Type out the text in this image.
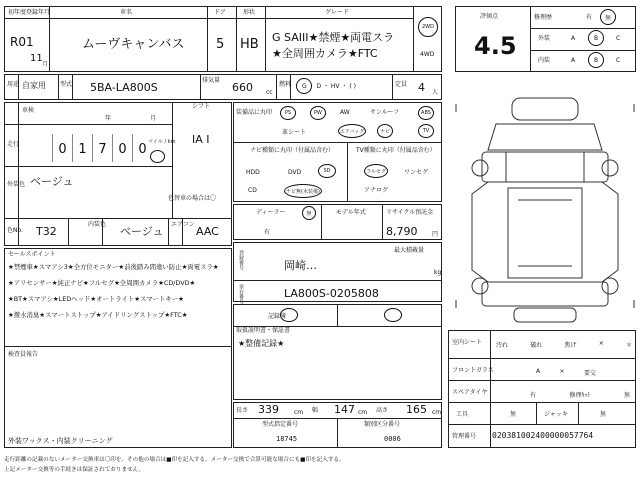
初年度登録年月
R01
11
月
車名
ムーヴキャンバス
ドア
5
形状
HB
グレード
G SAIII★禁煙★両電スラ
★全周囲カメラ★FTC
2WD
4WD
評価点
4.5
修理歴	有 無
外装	A	B	C
内装	A	B	C
用途 自家用 型式 5BA-LA800S
排気量
660 cc
燃料 G ・ D ・ HV ・ ( )	定員 4 人
車検
年	月
シフト
IA I
走行	0 1 7 0 0 マイル / km
外装色 ベージュ
色替車の場合は〇
色No. T32
内装色
ベージュ
エアコン
AAC
装備品に丸印	PS	PW	AW	サンルーフ	ABS
革シート	エアバッグ	ナビ	TV
ナビ種類に丸印（付属品含む）
HDD	DVD	SD
CD	ナビ無(未装備)
TV種類に丸印（付属品含む）
フルセグ	ワンセグ
アナログ
ディーラー
有
無	モデル年式	リサイクル預託金
8,790 円
最大積載量
kg
セールスポイント
★禁煙車★スマアシ3★全方位モニター★前後踏み間違い防止★両電スラ★
★アリセンサー★純正ナビ★フルセグ★全周囲カメラ★CD/DVD★
★BT★スマアシ★LEDヘッド★オートライト★スマートキー★
★撥水消臭★スマートストップ★アイドリングストップ★FTC★
検査員報告
外装ワックス・内装クリーニング
登録番号	岡崎…
車台番号	LA800S-0205808
記録簿
取扱説明書・保証書
★整備記録★
長さ 339	cm 幅 147 cm 高さ 165 cm
型式指定番号
18745
類別区分番号
0006
室内シート 汚れ	破れ	焦げ	×	＊
フロントガラス	A	×	要交
スペアタイヤ	有	修理ｷｯﾄ	無
工具	無	ジャッキ	無
管理番号 020381002400000057764
走行距離の記載のないメーター交換車は〇印を、その他の場合は■印を記入する。メーター交換で合算可能な場合にも■印を記入する。
上記メーター交換等の手続きは保証されておりません。
